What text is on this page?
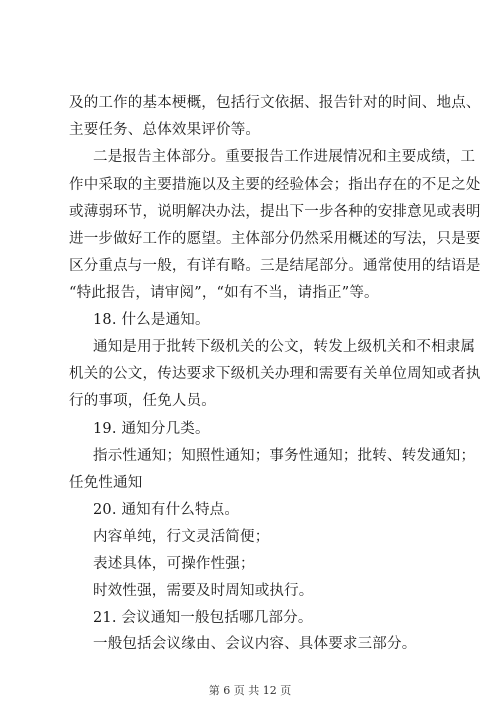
及的工作的基本梗概，包括行文依据、报告针对的时间、地点、
主要任务、总体效果评价等。
二是报告主体部分。重要报告工作进展情况和主要成绩，工
作中采取的主要措施以及主要的经验体会；指出存在的不足之处
或薄弱环节，说明解决办法，提出下一步各种的安排意见或表明
进一步做好工作的愿望。主体部分仍然采用概述的写法，只是要
区分重点与一般，有详有略。三是结尾部分。通常使用的结语是
“特此报告，请审阅”，“如有不当，请指正”等。
18. 什么是通知。
通知是用于批转下级机关的公文，转发上级机关和不相隶属
机关的公文，传达要求下级机关办理和需要有关单位周知或者执
行的事项，任免人员。
19. 通知分几类。
指示性通知；知照性通知；事务性通知；批转、转发通知；
任免性通知
20. 通知有什么特点。
内容单纯，行文灵活简便；
表述具体，可操作性强；
时效性强，需要及时周知或执行。
21. 会议通知一般包括哪几部分。
一般包括会议缘由、会议内容、具体要求三部分。
第 6 页 共 12 页
